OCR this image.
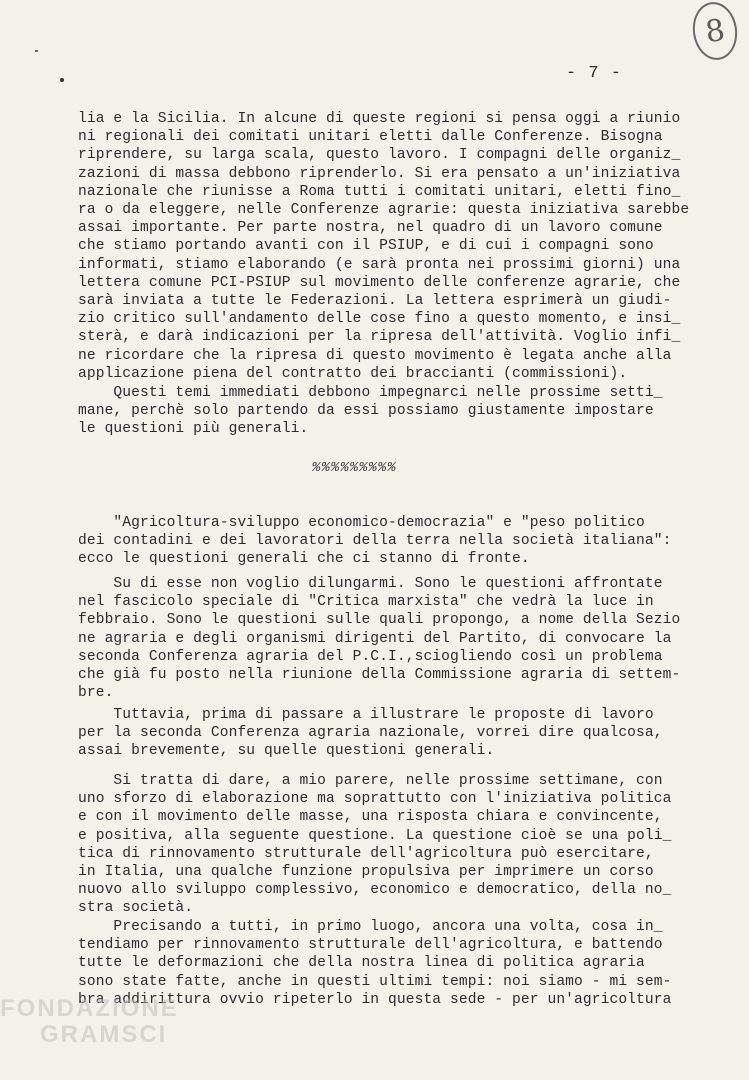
8
- 7 -
lia e la Sicilia. In alcune di queste regioni si pensa oggi a riunio
ni regionali dei comitati unitari eletti dalle Conferenze. Bisogna
riprendere, su larga scala, questo lavoro. I compagni delle organiz_
zazioni di massa debbono riprenderlo. Si era pensato a un'iniziativa
nazionale che riunisse a Roma tutti i comitati unitari, eletti fino_
ra o da eleggere, nelle Conferenze agrarie: questa iniziativa sarebbe
assai importante. Per parte nostra, nel quadro di un lavoro comune
che stiamo portando avanti con il PSIUP, e di cui i compagni sono
informati, stiamo elaborando (e sarà pronta nei prossimi giorni) una
lettera comune PCI-PSIUP sul movimento delle conferenze agrarie, che
sarà inviata a tutte le Federazioni. La lettera esprimerà un giudi-
zio critico sull'andamento delle cose fino a questo momento, e insi_
sterà, e darà indicazioni per la ripresa dell'attività. Voglio infi_
ne ricordare che la ripresa di questo movimento è legata anche alla
applicazione piena del contratto dei braccianti (commissioni).
Questi temi immediati debbono impegnarci nelle prossime setti_
mane, perchè solo partendo da essi possiamo giustamente impostare
le questioni più generali.
%%%%%%%%%
"Agricoltura-sviluppo economico-democrazia" e "peso politico
dei contadini e dei lavoratori della terra nella società italiana":
ecco le questioni generali che ci stanno di fronte.
Su di esse non voglio dilungarmi. Sono le questioni affrontate
nel fascicolo speciale di "Critica marxista" che vedrà la luce in
febbraio. Sono le questioni sulle quali propongo, a nome della Sezio
ne agraria e degli organismi dirigenti del Partito, di convocare la
seconda Conferenza agraria del P.C.I.,sciogliendo così un problema
che già fu posto nella riunione della Commissione agraria di settem-
bre.
Tuttavia, prima di passare a illustrare le proposte di lavoro
per la seconda Conferenza agraria nazionale, vorrei dire qualcosa,
assai brevemente, su quelle questioni generali.
Si tratta di dare, a mio parere, nelle prossime settimane, con
uno sforzo di elaborazione ma soprattutto con l'iniziativa politica
e con il movimento delle masse, una risposta chiara e convincente,
e positiva, alla seguente questione. La questione cioè se una poli_
tica di rinnovamento strutturale dell'agricoltura può esercitare,
in Italia, una qualche funzione propulsiva per imprimere un corso
nuovo allo sviluppo complessivo, economico e democratico, della no_
stra società.
Precisando a tutti, in primo luogo, ancora una volta, cosa in_
tendiamo per rinnovamento strutturale dell'agricoltura, e battendo
tutte le deformazioni che della nostra linea di politica agraria
sono state fatte, anche in questi ultimi tempi: noi siamo - mi sem-
bra addirittura ovvio ripeterlo in questa sede - per un'agricoltura
FONDAZIONE
GRAMSCI
